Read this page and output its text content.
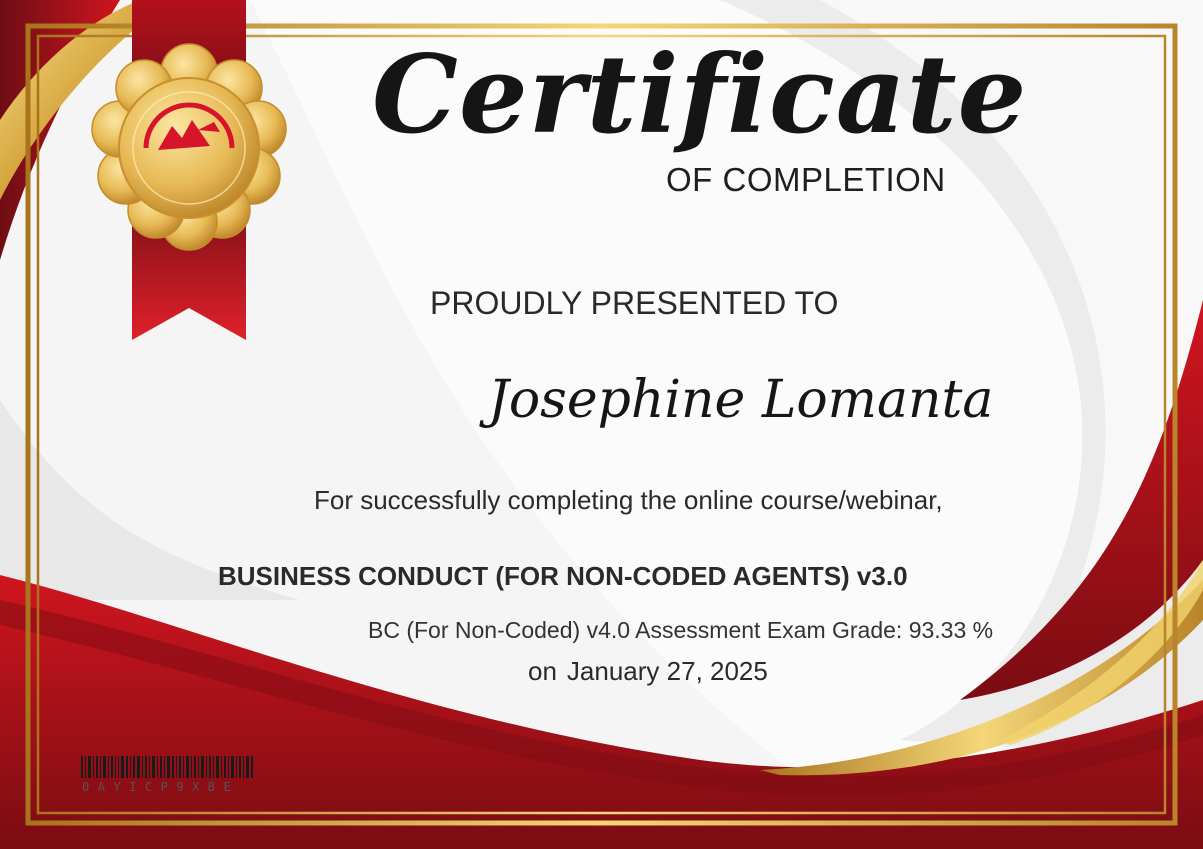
Certificate
OF COMPLETION
PROUDLY PRESENTED TO
Josephine Lomanta
For successfully completing the online course/webinar,
BUSINESS CONDUCT (FOR NON-CODED AGENTS) v3.0
BC (For Non-Coded) v4.0 Assessment Exam Grade: 93.33 %
on January 27, 2025
0AYICP9XBE
